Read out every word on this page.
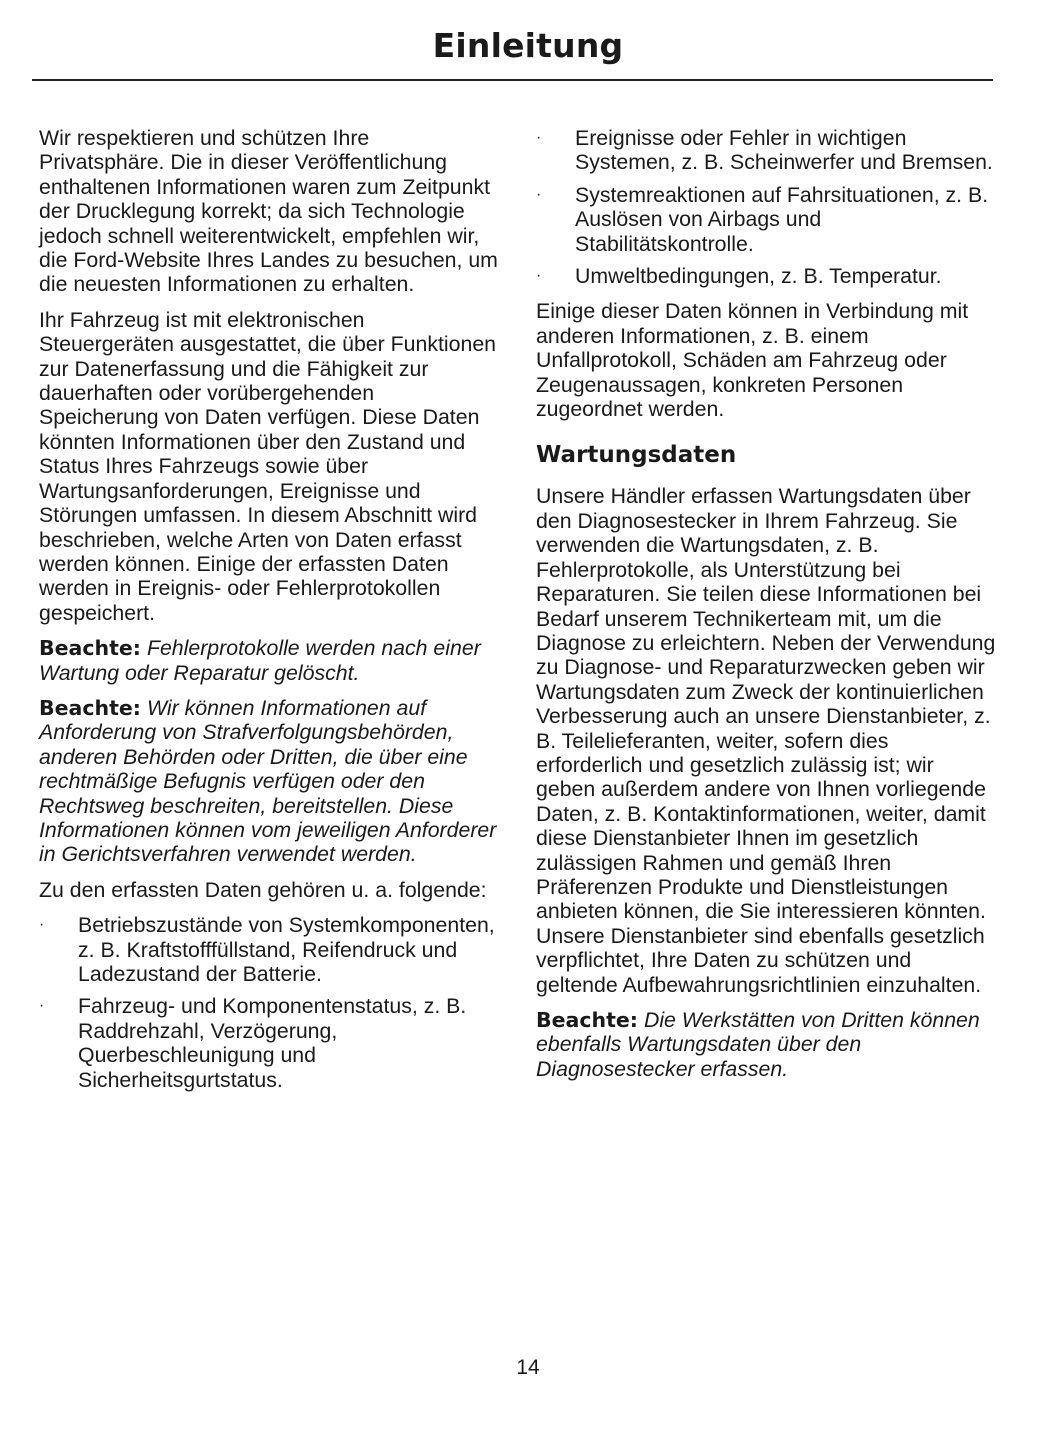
Einleitung

Wir respektieren und schützen Ihre Privatsphäre. Die in dieser Veröffentlichung enthaltenen Informationen waren zum Zeitpunkt der Drucklegung korrekt; da sich Technologie jedoch schnell weiterentwickelt, empfehlen wir, die Ford-Website Ihres Landes zu besuchen, um die neuesten Informationen zu erhalten.

Ihr Fahrzeug ist mit elektronischen Steuergeräten ausgestattet, die über Funktionen zur Datenerfassung und die Fähigkeit zur dauerhaften oder vorübergehenden Speicherung von Daten verfügen. Diese Daten könnten Informationen über den Zustand und Status Ihres Fahrzeugs sowie über Wartungsanforderungen, Ereignisse und Störungen umfassen. In diesem Abschnitt wird beschrieben, welche Arten von Daten erfasst werden können. Einige der erfassten Daten werden in Ereignis- oder Fehlerprotokollen gespeichert.

Beachte: Fehlerprotokolle werden nach einer Wartung oder Reparatur gelöscht.

Beachte: Wir können Informationen auf Anforderung von Strafverfolgungsbehörden, anderen Behörden oder Dritten, die über eine rechtmäßige Befugnis verfügen oder den Rechtsweg beschreiten, bereitstellen. Diese Informationen können vom jeweiligen Anforderer in Gerichtsverfahren verwendet werden.

Zu den erfassten Daten gehören u. a. folgende:

· Betriebszustände von Systemkomponenten, z. B. Kraftstofffüllstand, Reifendruck und Ladezustand der Batterie.
· Fahrzeug- und Komponentenstatus, z. B. Raddrehzahl, Verzögerung, Querbeschleunigung und Sicherheitsgurtstatus.
· Ereignisse oder Fehler in wichtigen Systemen, z. B. Scheinwerfer und Bremsen.
· Systemreaktionen auf Fahrsituationen, z. B. Auslösen von Airbags und Stabilitätskontrolle.
· Umweltbedingungen, z. B. Temperatur.

Einige dieser Daten können in Verbindung mit anderen Informationen, z. B. einem Unfallprotokoll, Schäden am Fahrzeug oder Zeugenaussagen, konkreten Personen zugeordnet werden.

Wartungsdaten

Unsere Händler erfassen Wartungsdaten über den Diagnosestecker in Ihrem Fahrzeug. Sie verwenden die Wartungsdaten, z. B. Fehlerprotokolle, als Unterstützung bei Reparaturen. Sie teilen diese Informationen bei Bedarf unserem Technikerteam mit, um die Diagnose zu erleichtern. Neben der Verwendung zu Diagnose- und Reparaturzwecken geben wir Wartungsdaten zum Zweck der kontinuierlichen Verbesserung auch an unsere Dienstanbieter, z. B. Teilelieferanten, weiter, sofern dies erforderlich und gesetzlich zulässig ist; wir geben außerdem andere von Ihnen vorliegende Daten, z. B. Kontaktinformationen, weiter, damit diese Dienstanbieter Ihnen im gesetzlich zulässigen Rahmen und gemäß Ihren Präferenzen Produkte und Dienstleistungen anbieten können, die Sie interessieren könnten. Unsere Dienstanbieter sind ebenfalls gesetzlich verpflichtet, Ihre Daten zu schützen und geltende Aufbewahrungsrichtlinien einzuhalten.

Beachte: Die Werkstätten von Dritten können ebenfalls Wartungsdaten über den Diagnosestecker erfassen.

14
